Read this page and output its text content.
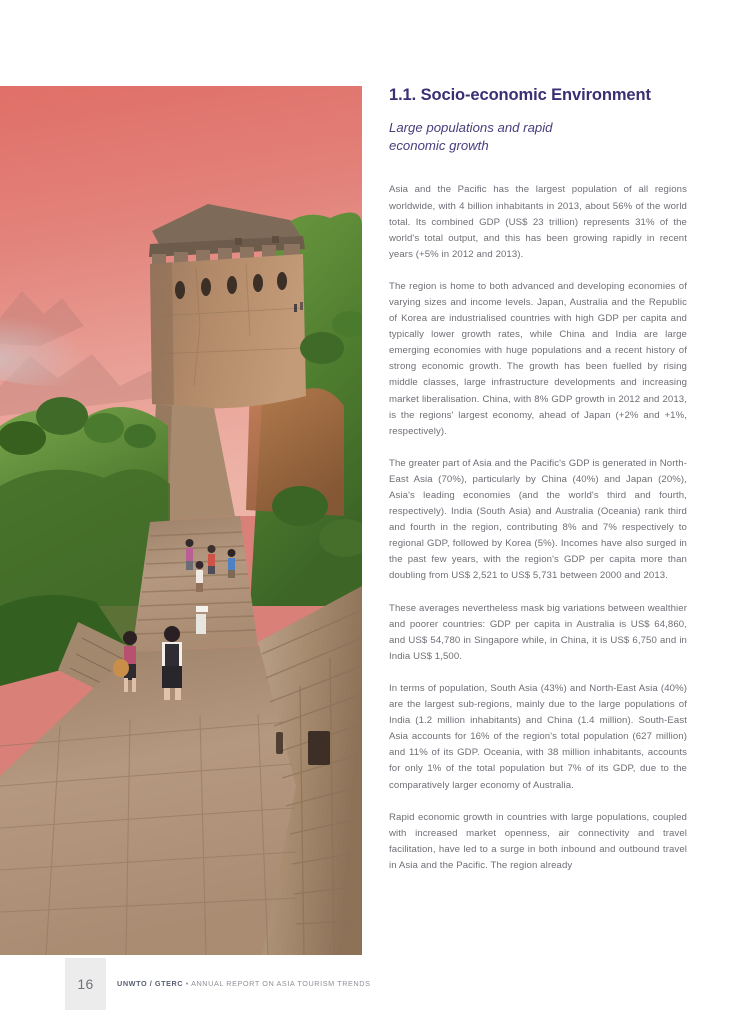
1.1. Socio-economic Environment
Large populations and rapid
economic growth

Asia and the Pacific has the largest population of all regions worldwide, with 4 billion inhabitants in 2013, about 56% of the world total. Its combined GDP (US$ 23 trillion) represents 31% of the world's total output, and this has been growing rapidly in recent years (+5% in 2012 and 2013).

The region is home to both advanced and developing economies of varying sizes and income levels. Japan, Australia and the Republic of Korea are industrialised countries with high GDP per capita and typically lower growth rates, while China and India are large emerging economies with huge populations and a recent history of strong economic growth. The growth has been fuelled by rising middle classes, large infrastructure developments and increasing market liberalisation. China, with 8% GDP growth in 2012 and 2013, is the regions' largest economy, ahead of Japan (+2% and +1%, respectively).

The greater part of Asia and the Pacific's GDP is generated in North-East Asia (70%), particularly by China (40%) and Japan (20%), Asia's leading economies (and the world's third and fourth, respectively). India (South Asia) and Australia (Oceania) rank third and fourth in the region, contributing 8% and 7% respectively to regional GDP, followed by Korea (5%). Incomes have also surged in the past few years, with the region's GDP per capita more than doubling from US$ 2,521 to US$ 5,731 between 2000 and 2013.

These averages nevertheless mask big variations between wealthier and poorer countries: GDP per capita in Australia is US$ 64,860, and US$ 54,780 in Singapore while, in China, it is US$ 6,750 and in India US$ 1,500.

In terms of population, South Asia (43%) and North-East Asia (40%) are the largest sub-regions, mainly due to the large populations of India (1.2 million inhabitants) and China (1.4 million). South-East Asia accounts for 16% of the region's total population (627 million) and 11% of its GDP. Oceania, with 38 million inhabitants, accounts for only 1% of the total population but 7% of its GDP, due to the comparatively larger economy of Australia.

Rapid economic growth in countries with large populations, coupled with increased market openness, air connectivity and travel facilitation, have led to a surge in both inbound and outbound travel in Asia and the Pacific. The region already

16	UNWTO / GTERC • ANNUAL REPORT ON ASIA TOURISM TRENDS
